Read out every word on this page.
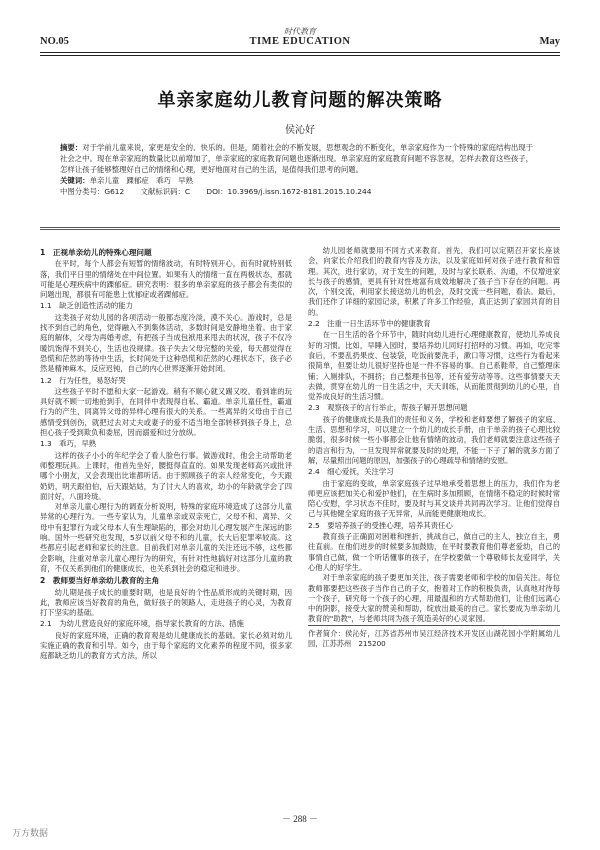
时代教育
NO.05	TIME EDUCATION	May
单亲家庭幼儿教育问题的解决策略
侯沁好

摘要：对于学前儿童来说，家更是安全的、快乐的。但是，随着社会的不断发展，思想观念的不断变化，单亲家庭作为一个特殊的家庭结构出现于社会之中。现在单亲家庭的数量比以前增加了，单亲家庭的家庭教育问题也逐渐出现。单亲家庭的家庭教育问题不容忽视，怎样去教育这些孩子，怎样让孩子能够整理好自己的情绪和心理，更好地面对自己的生活，是值得我们思考的问题。

关键词：单亲儿童　踝郁症　乖巧　早熟

中图分类号：G612 文献标识码：C DOI：10.3969/j.issn.1672-8181.2015.10.244

1　正视单亲幼儿的特殊心理问题

在平时，每个人都会有短暂的情绪波动，有时特别开心，而有时就特别低落，我们平日里的情绪处在中间位置。如果有人的情绪一直在两极状态，那就可能是心理疾病中的踝郁症。研究表明：很多的单亲家庭的孩子都会有类似的问题出现，都很有可能患上忧郁症或者踝郁症。

1.1　缺乏创造性活动的能力

这类孩子对幼儿园的各项活动一般都态度冷淡，漠不关心。游戏时，总是找不到自己的角色，觉得融入不到集体活动，多数时间是安静地坐着。由于家庭的解体，父母为再婚考虑，有把孩子当成包袱甩来甩去的状况，孩子不仅冷暖饥饱得不到关心，生活也没规律。孩子失去父母完整的关爱，每天都觉得在恐慌和茫然的等待中生活，长时间处于这种恐慌和茫然的心理状态下，孩子必然是精神麻木，反应迟钝，自己的内心世界逐渐开始封闭。

1.2　行为任性，易怒好哭

这些孩子平时不愿和大家一起游戏。稍有不顺心就又踢又咬。看到谁的玩具好就不顾一切地抢到手，在同伴中表现得自私、霸道。单亲儿童任性，霸道行为的产生，同离异父母的异样心理有很大的关系。一些离异的父母由于自己感情受到创伤，就把过去对丈夫或妻子的爱不适当地全部转移到孩子身上，总担心孩子受到欺负和委屈，因而溺爱和过分放纵。

1.3　乖巧，早熟

这样的孩子小小的年纪学会了看人脸色行事。做游戏时，他会主动帮助老师整理玩具。上课时，他首先坐好，腰挺得直直的。如果发现老师高兴或批评哪个小朋友，又会表现出比谁都听话。由于照顾孩子的亲人经常变化，今天跟奶奶，明天跟伯伯，后天跟姑姑，为了讨大人的喜欢，幼小的年龄就学会了四面讨好，八面玲珑。

对单亲儿童心理行为的调查分析说明，特殊的家庭环境造成了这部分儿童异常的心理行为。一些专家认为，儿童单亲或双亲死亡，父母不和、离异、父母中有犯罪行为或父母本人有生理缺陷的，都会对幼儿心理发展产生深远的影响。国外一些研究也发现，5岁以前父母不和的儿童，长大后犯罪率较高。这些都应引起老师和家长的注意。目前我们对单亲儿童的关注还远不够，这些都会影响，注重对单亲儿童心理行为的研究，有针对性地搞好对这部分儿童的教育，不仅关系到他们的健康成长，也关系到社会的稳定和进步。

2　教师要当好单亲幼儿教育的主角

幼儿期是孩子成长的重要时期，也是良好的个性品质形成的关键时期，因此，教师应该当好教育的角色，做好孩子的领路人，走进孩子的心灵，为教育打下坚实的基础。

2.1　为幼儿营造良好的家庭环境，指导家长教育的方法、措施

良好的家庭环境，正确的教育观是幼儿健康成长的基础。家长必须对幼儿实施正确的教育和引导。如今，由于每个家庭的文化素养的程度不同，很多家庭都缺乏幼儿的教育方式方法，所以

幼儿园老师就要用不同方式来教育。首先，我们可以定期召开家长座谈会，向家长介绍我们的教育内容及方法，以及家庭如何对孩子进行教育和管理。其次，进行家访，对于发生的问题，及时与家长联系、沟通，不仅增进家长与孩子的感情，更具有针对性地富有成效地解决了孩子当下存在的问题。再次，个别交流，利用家长接送幼儿的机会，及时交流一些问题，看法。最后，我们还作了详细的家园记录，积累了许多工作经验，真正达到了家园共育的目的。

2.2　注重一日生活环节中的健康教育

在一日生活的各个环节中，随时向幼儿进行心理健康教育，使幼儿养成良好的习惯。比如，早睡入园时，要培养幼儿同好打招呼的习惯。再如，吃完零食后，不要乱扔果皮、包装袋，吃饭前要洗手，漱口等习惯，这些行为看起来很简单，但要让幼儿很好坚持也是一件不容易的事。自己系鞋带，自己整理床铺；入厕排队，不拥挤；自己整理书包等，还有爱劳动等等。这些事情要天天去做，贯穿在幼儿的一日生活之中，天天训练，从而能贯彻到幼儿的心里，自觉养成良好的生活习惯。

2.3　观察孩子的言行举止，帮孩子解开思想问题

孩子的健康成长是我们的责任和义务，学校和老师要想了解孩子的家庭、生活、思想和学习，可以建立一个幼儿的成长手册，由于单亲的孩子心理比较脆弱，很多时候一些小事都会让他有情绪的波动，我们老师就要注意这些孩子的语言和行为，一旦发现异常就要及时的处理，不能一下子了解的就多方面了解，尽量照出问题的原因，加强孩子的心理疏导和情绪的安慰。

2.4　细心爱抚，关注学习

由于家庭的变故，单亲家庭孩子过早地承受着思想上的压力，我们作为老师更应该把加关心和爱护他们，在生病时多加照顾，在情绪不稳定的时候时常陪心安慰，学习状态不佳时，要及时与其交谈并共同再次学习。让他们觉得自己与其他健全家庭的孩子无异常，从而能更健康地成长。

2.5　要培养孩子的受挫心理，培养其责任心

教育孩子正确面对困难和挫折，挑战自己，做自己的主人，独立自主，勇往直前。在他们进步的时候要多加鼓励，在平时要教育他们尊老爱幼，自己的事情自己做，做一个听话懂事的孩子，在学校要做一个尊敬师长友爱同学，关心他人的好学生。

对于单亲家庭的孩子要更加关注，孩子需要老师和学校的加倍关注。每位教师都要把这些孩子当作自己的子女，抱着对工作的积极负责，认真地对待每一个孩子，研究每一个孩子的心理，用最温和的方式帮助他们，让他们远离心中的阴影，接受大家的赞美和帮助，绽放出最美的自己。家长要成为单亲幼儿教育的"助教"，与老师共同为孩子筑造美好的心灵家园。

作者简介：侯沁好，江苏省苏州市吴江经济技术开发区山湖花园小学附属幼儿园，江苏苏州　215200

－ 288 －
万方数据
